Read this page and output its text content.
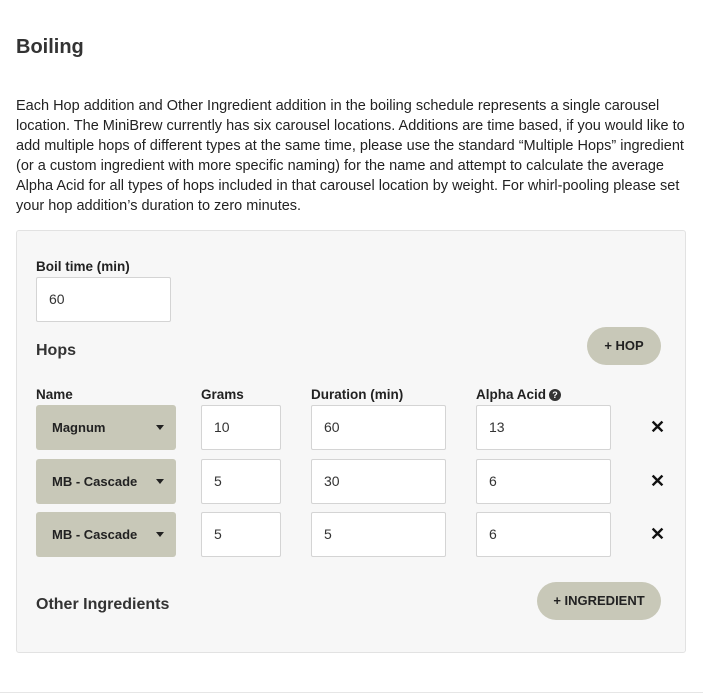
Boiling

Each Hop addition and Other Ingredient addition in the boiling schedule represents a single carousel location. The MiniBrew currently has six carousel locations. Additions are time based, if you would like to add multiple hops of different types at the same time, please use the standard “Multiple Hops” ingredient (or a custom ingredient with more specific naming) for the name and attempt to calculate the average Alpha Acid for all types of hops included in that carousel location by weight. For whirl-pooling please set your hop addition’s duration to zero minutes.

Boil time (min)
60
Hops	+ HOP
Name	Grams	Duration (min)	Alpha Acid ?
Magnum	10	60	13	✕
MB - Cascade	5	30	6	✕
MB - Cascade	5	5	6	✕
Other Ingredients	+ INGREDIENT
